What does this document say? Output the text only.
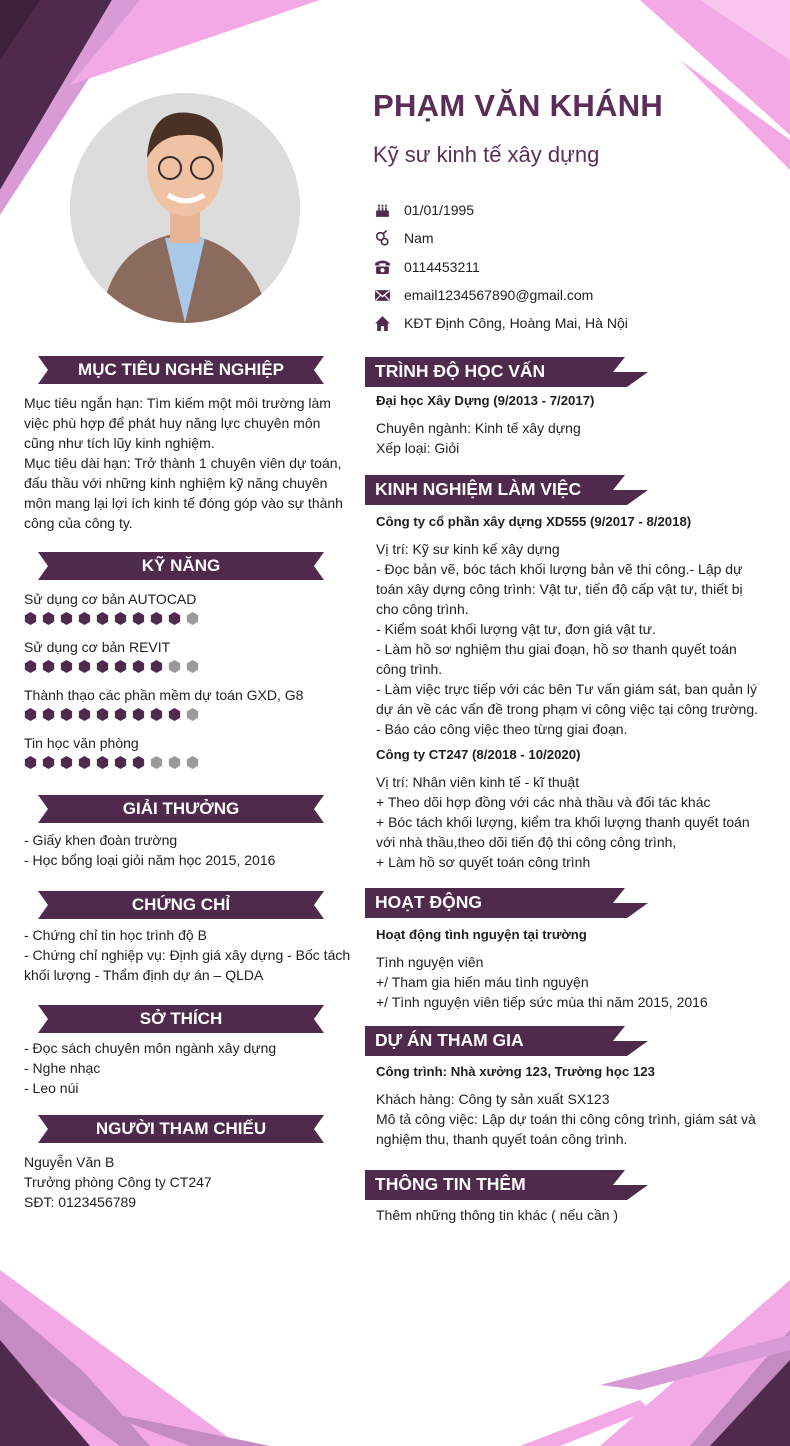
PHẠM VĂN KHÁNH
Kỹ sư kinh tế xây dựng
01/01/1995
Nam
0114453211
email1234567890@gmail.com
KĐT Định Công, Hoàng Mai, Hà Nội
MỤC TIÊU NGHỀ NGHIỆP

Mục tiêu ngắn hạn: Tìm kiếm một môi trường làm

việc phù hợp để phát huy năng lực chuyên môn

cũng như tích lũy kinh nghiệm.

Mục tiêu dài hạn: Trở thành 1 chuyên viên dự toán,

đấu thầu với những kinh nghiệm kỹ năng chuyên

môn mang lại lợi ích kinh tế đóng góp vào sự thành

công của công ty.

KỸ NĂNG
Sử dụng cơ bản AUTOCAD
Sử dụng cơ bản REVIT
Thành thạo các phần mềm dự toán GXD, G8
Tin học văn phòng
GIẢI THƯỞNG

- Giấy khen đoàn trường

- Học bổng loại giỏi năm học 2015, 2016

CHỨNG CHỈ

- Chứng chỉ tin học trình độ B

- Chứng chỉ nghiệp vụ: Định giá xây dựng - Bốc tách

khối lượng - Thẩm định dự án – QLDA

SỞ THÍCH

- Đọc sách chuyên môn ngành xây dựng

- Nghe nhạc

- Leo núi

NGƯỜI THAM CHIẾU

Nguyễn Văn B

Trưởng phòng Công ty CT247

SĐT: 0123456789

TRÌNH ĐỘ HỌC VẤN

Đại học Xây Dựng (9/2013 - 7/2017)

Chuyên ngành: Kinh tế xây dựng

Xếp loại: Giỏi

KINH NGHIỆM LÀM VIỆC

Công ty cổ phần xây dựng XD555 (9/2017 - 8/2018)

Vị trí: Kỹ sư kinh kế xây dựng

- Đọc bản vẽ, bóc tách khối lượng bản vẽ thi công.- Lập dự

toán xây dựng công trình: Vật tư, tiến độ cấp vật tư, thiết bị

cho công trình.

- Kiểm soát khối lượng vật tư, đơn giá vật tư.

- Làm hồ sơ nghiệm thu giai đoạn, hồ sơ thanh quyết toán

công trình.

- Làm việc trực tiếp với các bên Tư vấn giám sát, ban quản lý

dự án về các vấn đề trong phạm vi công việc tại công trường.

- Báo cáo công việc theo từng giai đoạn.

Công ty CT247 (8/2018 - 10/2020)

Vị trí: Nhân viên kinh tế - kĩ thuật

+ Theo dõi hợp đồng với các nhà thầu và đối tác khác

+ Bóc tách khối lượng, kiểm tra khối lượng thanh quyết toán

với nhà thầu,theo dõi tiến độ thi công công trình,

+ Làm hồ sơ quyết toán công trình

HOẠT ĐỘNG

Hoạt động tình nguyện tại trường

Tình nguyện viên

+/ Tham gia hiến máu tình nguyện

+/ Tình nguyện viên tiếp sức mùa thi năm 2015, 2016

DỰ ÁN THAM GIA

Công trình: Nhà xưởng 123, Trường học 123

Khách hàng: Công ty sản xuất SX123

Mô tả công việc: Lập dự toán thi công công trình, giám sát và

nghiệm thu, thanh quyết toán công trình.

THÔNG TIN THÊM

Thêm những thông tin khác ( nếu cần )
